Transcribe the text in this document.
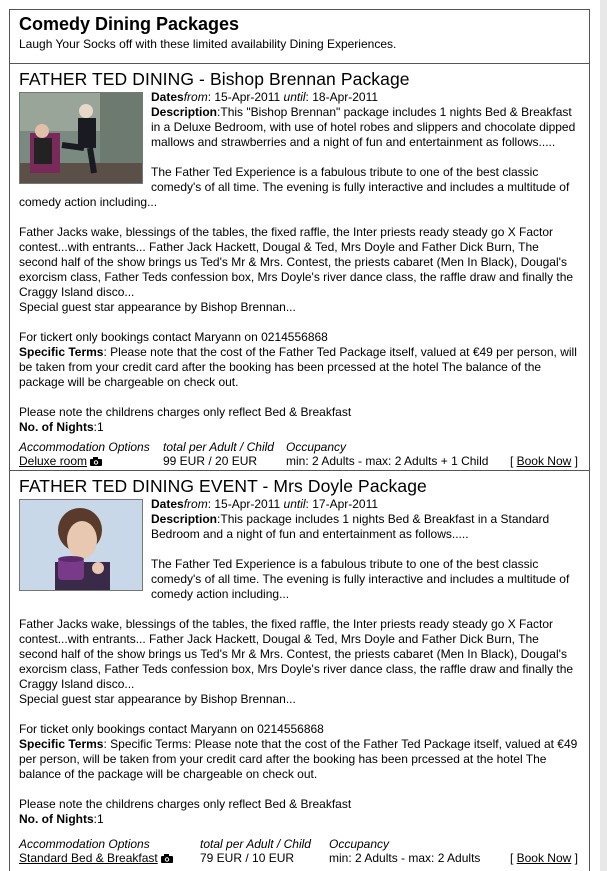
Comedy Dining Packages
Laugh Your Socks off with these limited availability Dining Experiences.
FATHER TED DINING - Bishop Brennan Package
Datesfrom: 15-Apr-2011 until: 18-Apr-2011
Description:This "Bishop Brennan" package includes 1 nights Bed & Breakfast in a Deluxe Bedroom, with use of hotel robes and slippers and chocolate dipped mallows and strawberries and a night of fun and entertainment as follows.....
The Father Ted Experience is a fabulous tribute to one of the best classic comedy's of all time. The evening is fully interactive and includes a multitude of comedy action including...
Father Jacks wake, blessings of the tables, the fixed raffle, the Inter priests ready steady go X Factor contest...with entrants... Father Jack Hackett, Dougal & Ted, Mrs Doyle and Father Dick Burn, The second half of the show brings us Ted's Mr & Mrs. Contest, the priests cabaret (Men In Black), Dougal's exorcism class, Father Teds confession box, Mrs Doyle's river dance class, the raffle draw and finally the Craggy Island disco...
Special guest star appearance by Bishop Brennan...
For tickert only bookings contact Maryann on 0214556868
Specific Terms: Please note that the cost of the Father Ted Package itself, valued at €49 per person, will be taken from your credit card after the booking has been prcessed at the hotel The balance of the package will be chargeable on check out.
Please note the childrens charges only reflect Bed & Breakfast
No. of Nights:1
Accommodation Options
Deluxe room
total per Adult / Child
99 EUR / 20 EUR
Occupancy
min: 2 Adults - max: 2 Adults + 1 Child [ Book Now ]
FATHER TED DINING EVENT - Mrs Doyle Package
Datesfrom: 15-Apr-2011 until: 17-Apr-2011
Description:This package includes 1 nights Bed & Breakfast in a Standard Bedroom and a night of fun and entertainment as follows.....
The Father Ted Experience is a fabulous tribute to one of the best classic comedy's of all time. The evening is fully interactive and includes a multitude of comedy action including...
Father Jacks wake, blessings of the tables, the fixed raffle, the Inter priests ready steady go X Factor contest...with entrants... Father Jack Hackett, Dougal & Ted, Mrs Doyle and Father Dick Burn, The second half of the show brings us Ted's Mr & Mrs. Contest, the priests cabaret (Men In Black), Dougal's exorcism class, Father Teds confession box, Mrs Doyle's river dance class, the raffle draw and finally the Craggy Island disco...
Special guest star appearance by Bishop Brennan...
For ticket only bookings contact Maryann on 0214556868
Specific Terms: Specific Terms: Please note that the cost of the Father Ted Package itself, valued at €49 per person, will be taken from your credit card after the booking has been prcessed at the hotel The balance of the package will be chargeable on check out.
Please note the childrens charges only reflect Bed & Breakfast
No. of Nights:1
Accommodation Options
Standard Bed & Breakfast
total per Adult / Child
79 EUR / 10 EUR
Occupancy
min: 2 Adults - max: 2 Adults [ Book Now ]
